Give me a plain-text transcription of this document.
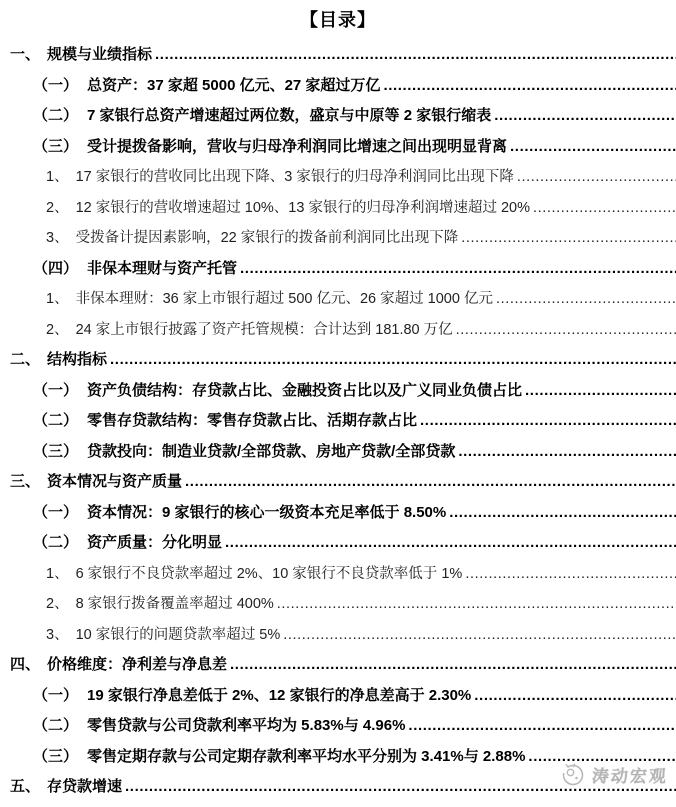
【目录】
一、 规模与业绩指标
.....
（一） 总资产：37 家超 5000 亿元、27 家超过万亿
.....
（二） 7 家银行总资产增速超过两位数，盛京与中原等 2 家银行缩表
.....
（三） 受计提拨备影响，营收与归母净利润同比增速之间出现明显背离
.....
1、 17 家银行的营收同比出现下降、3 家银行的归母净利润同比出现下降
.....
2、 12 家银行的营收增速超过 10%、13 家银行的归母净利润增速超过 20%
.....
3、 受拨备计提因素影响，22 家银行的拨备前利润同比出现下降
.....
（四） 非保本理财与资产托管
.....
1、 非保本理财：36 家上市银行超过 500 亿元、26 家超过 1000 亿元
.....
2、 24 家上市银行披露了资产托管规模：合计达到 181.80 万亿
.....
二、 结构指标
.....
（一） 资产负债结构：存贷款占比、金融投资占比以及广义同业负债占比
.....
（二） 零售存贷款结构：零售存贷款占比、活期存款占比
.....
（三） 贷款投向：制造业贷款/全部贷款、房地产贷款/全部贷款
.....
三、 资本情况与资产质量
.....
（一） 资本情况：9 家银行的核心一级资本充足率低于 8.50%
.....
（二） 资产质量：分化明显
.....
1、 6 家银行不良贷款率超过 2%、10 家银行不良贷款率低于 1%
.....
2、 8 家银行拨备覆盖率超过 400%
.....
3、 10 家银行的问题贷款率超过 5%
.....
四、 价格维度：净利差与净息差
.....
（一） 19 家银行净息差低于 2%、12 家银行的净息差高于 2.30%
.....
（二） 零售贷款与公司贷款利率平均为 5.83%与 4.96%
.....
（三） 零售定期存款与公司定期存款利率平均水平分别为 3.41%与 2.88%
.....
五、 存贷款增速
.....
涛动宏观
